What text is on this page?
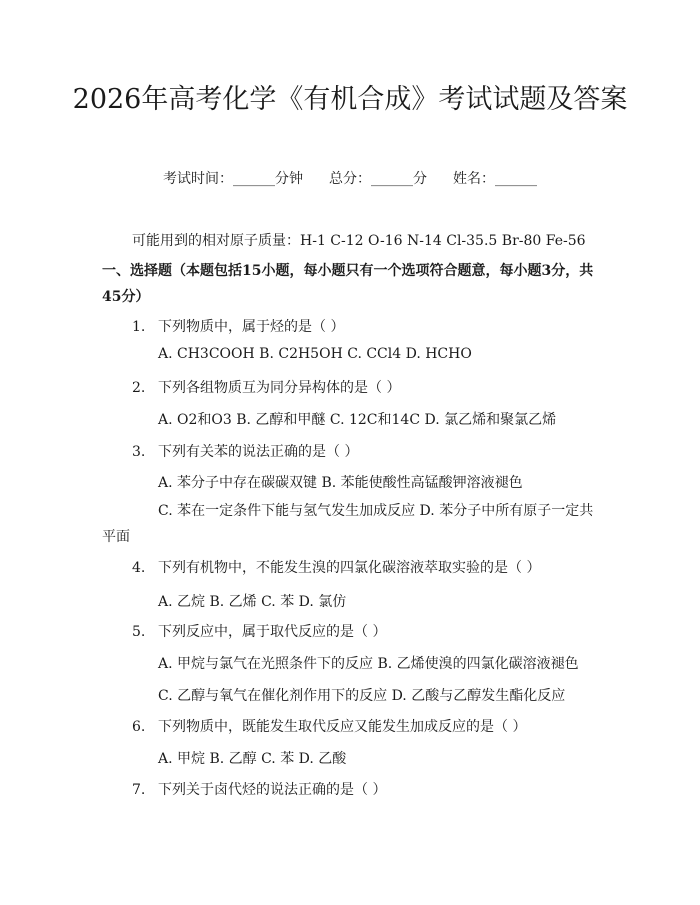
2026年高考化学《有机合成》考试试题及答案
考试时间：______分钟 总分：______分 姓名：______
可能用到的相对原子质量：H-1 C-12 O-16 N-14 Cl-35.5 Br-80 Fe-56
一、选择题（本题包括15小题，每小题只有一个选项符合题意，每小题3分，共45分）
1. 下列物质中，属于烃的是（ ）
A. CH3COOH B. C2H5OH C. CCl4 D. HCHO
2. 下列各组物质互为同分异构体的是（ ）
A. O2和O3 B. 乙醇和甲醚 C. 12C和14C D. 氯乙烯和聚氯乙烯
3. 下列有关苯的说法正确的是（ ）
A. 苯分子中存在碳碳双键 B. 苯能使酸性高锰酸钾溶液褪色
C. 苯在一定条件下能与氢气发生加成反应 D. 苯分子中所有原子一定共平面
4. 下列有机物中，不能发生溴的四氯化碳溶液萃取实验的是（ ）
A. 乙烷 B. 乙烯 C. 苯 D. 氯仿
5. 下列反应中，属于取代反应的是（ ）
A. 甲烷与氯气在光照条件下的反应 B. 乙烯使溴的四氯化碳溶液褪色
C. 乙醇与氧气在催化剂作用下的反应 D. 乙酸与乙醇发生酯化反应
6. 下列物质中，既能发生取代反应又能发生加成反应的是（ ）
A. 甲烷 B. 乙醇 C. 苯 D. 乙酸
7. 下列关于卤代烃的说法正确的是（ ）
